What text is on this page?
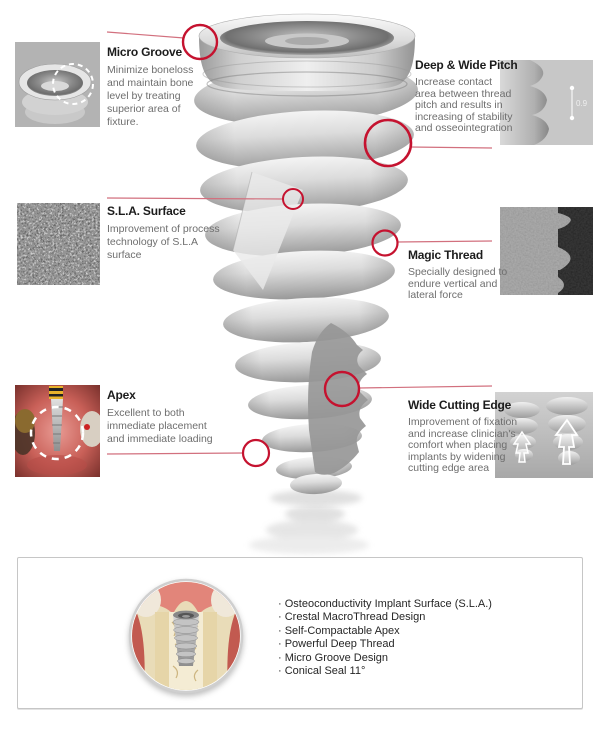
0.9
Micro Groove

Minimize boneloss and maintain bone level by treating superior area of fixture.

Deep & Wide Pitch

Increase contact area between thread pitch and results in increasing of stability and osseointegration

S.L.A. Surface

Improvement of process technology of S.L.A surface	Magic Thread

Specially designed to endure vertical and lateral force

Apex

Excellent to both immediate placement and immediate loading

Wide Cutting Edge

Improvement of fixation and increase clinician's comfort when placing implants by widening cutting edge area

· Osteoconductivity Implant Surface (S.L.A.)
· Crestal MacroThread Design
· Self-Compactable Apex
· Powerful Deep Thread
· Micro Groove Design
· Conical Seal 11°
